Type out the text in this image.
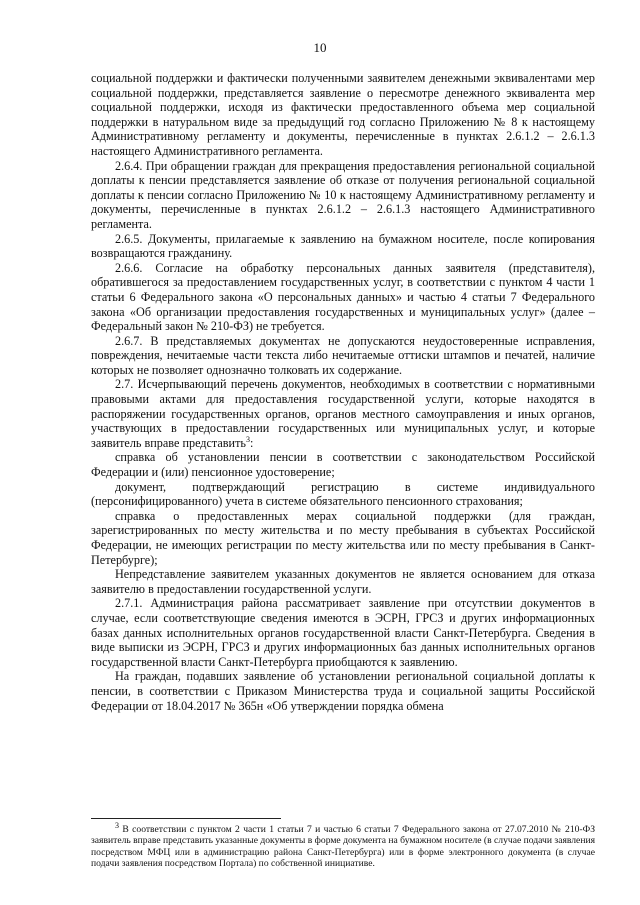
10

социальной поддержки и фактически полученными заявителем денежными эквивалентами мер социальной поддержки, представляется заявление о пересмотре денежного эквивалента мер социальной поддержки, исходя из фактически предоставленного объема мер социальной поддержки в натуральном виде за предыдущий год согласно Приложению № 8 к настоящему Административному регламенту и документы, перечисленные в пунктах 2.6.1.2 – 2.6.1.3 настоящего Административного регламента.

2.6.4. При обращении граждан для прекращения предоставления региональной социальной доплаты к пенсии представляется заявление об отказе от получения региональной социальной доплаты к пенсии согласно Приложению № 10 к настоящему Административному регламенту и документы, перечисленные в пунктах 2.6.1.2 – 2.6.1.3 настоящего Административного регламента.

2.6.5. Документы, прилагаемые к заявлению на бумажном носителе, после копирования возвращаются гражданину.

2.6.6. Согласие на обработку персональных данных заявителя (представителя), обратившегося за предоставлением государственных услуг, в соответствии с пунктом 4 части 1 статьи 6 Федерального закона «О персональных данных» и частью 4 статьи 7 Федерального закона «Об организации предоставления государственных и муниципальных услуг» (далее – Федеральный закон № 210-ФЗ) не требуется.

2.6.7. В представляемых документах не допускаются неудостоверенные исправления, повреждения, нечитаемые части текста либо нечитаемые оттиски штампов и печатей, наличие которых не позволяет однозначно толковать их содержание.

2.7. Исчерпывающий перечень документов, необходимых в соответствии с нормативными правовыми актами для предоставления государственной услуги, которые находятся в распоряжении государственных органов, органов местного самоуправления и иных органов, участвующих в предоставлении государственных или муниципальных услуг, и которые заявитель вправе представить$^3$:

справка об установлении пенсии в соответствии с законодательством Российской Федерации и (или) пенсионное удостоверение;

документ, подтверждающий регистрацию в системе индивидуального (персонифицированного) учета в системе обязательного пенсионного страхования;

справка о предоставленных мерах социальной поддержки (для граждан, зарегистрированных по месту жительства и по месту пребывания в субъектах Российской Федерации, не имеющих регистрации по месту жительства или по месту пребывания в Санкт-Петербурге);

Непредставление заявителем указанных документов не является основанием для отказа заявителю в предоставлении государственной услуги.

2.7.1. Администрация района рассматривает заявление при отсутствии документов в случае, если соответствующие сведения имеются в ЭСРН, ГРСЗ и других информационных базах данных исполнительных органов государственной власти Санкт-Петербурга. Сведения в виде выписки из ЭСРН, ГРСЗ и других информационных баз данных исполнительных органов государственной власти Санкт-Петербурга приобщаются к заявлению.

На граждан, подавших заявление об установлении региональной социальной доплаты к пенсии, в соответствии с Приказом Министерства труда и социальной защиты Российской Федерации от 18.04.2017 № 365н «Об утверждении порядка обмена

$^3$ В соответствии с пунктом 2 части 1 статьи 7 и частью 6 статьи 7 Федерального закона от 27.07.2010 № 210-ФЗ заявитель вправе представить указанные документы в форме документа на бумажном носителе (в случае подачи заявления посредством МФЦ или в администрацию района Санкт-Петербурга) или в форме электронного документа (в случае подачи заявления посредством Портала) по собственной инициативе.
